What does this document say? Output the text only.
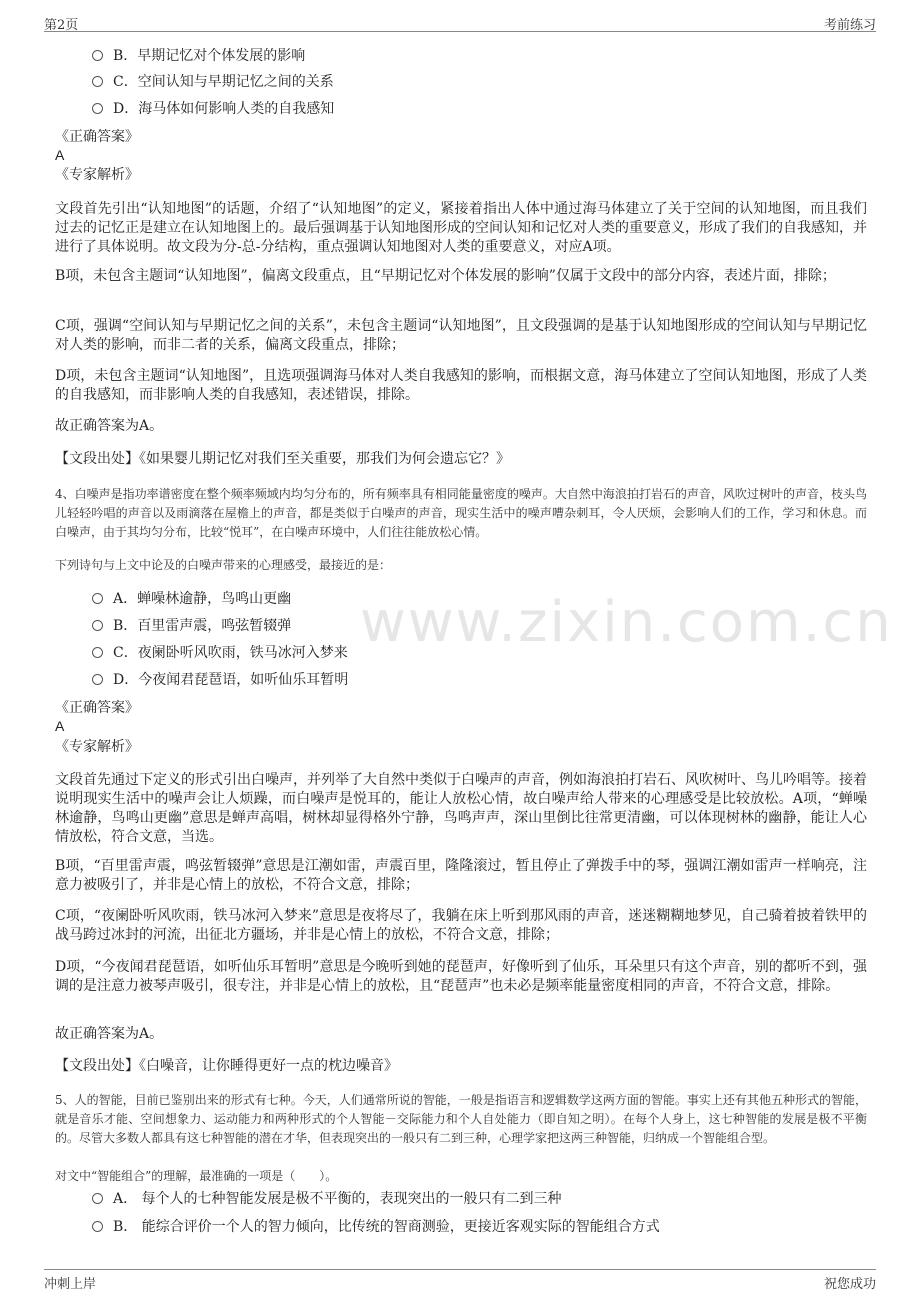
第2页	考前练习
www.zixin.com.cn
B．早期记忆对个体发展的影响
C．空间认知与早期记忆之间的关系
D．海马体如何影响人类的自我感知
《正确答案》
A
《专家解析》
文段首先引出“认知地图”的话题，介绍了“认知地图”的定义，紧接着指出人体中通过海马体建立了关于空间的认知地图，而且我们过去的记忆正是建立在认知地图上的。最后强调基于认知地图形成的空间认知和记忆对人类的重要意义，形成了我们的自我感知，并进行了具体说明。故文段为分-总-分结构，重点强调认知地图对人类的重要意义，对应A项。
B项，未包含主题词“认知地图”，偏离文段重点，且“早期记忆对个体发展的影响”仅属于文段中的部分内容，表述片面，排除；
C项，强调“空间认知与早期记忆之间的关系”，未包含主题词“认知地图”，且文段强调的是基于认知地图形成的空间认知与早期记忆对人类的影响，而非二者的关系，偏离文段重点，排除；
D项，未包含主题词“认知地图”，且选项强调海马体对人类自我感知的影响，而根据文意，海马体建立了空间认知地图，形成了人类的自我感知，而非影响人类的自我感知，表述错误，排除。
故正确答案为A。
【文段出处】《如果婴儿期记忆对我们至关重要，那我们为何会遗忘它？》
4、白噪声是指功率谱密度在整个频率频域内均匀分布的，所有频率具有相同能量密度的噪声。大自然中海浪拍打岩石的声音，风吹过树叶的声音，枝头鸟儿轻轻吟唱的声音以及雨滴落在屋檐上的声音，都是类似于白噪声的声音，现实生活中的噪声嘈杂刺耳，令人厌烦，会影响人们的工作，学习和休息。而白噪声，由于其均匀分布，比较“悦耳”，在白噪声环境中，人们往往能放松心情。
下列诗句与上文中论及的白噪声带来的心理感受，最接近的是：
A．蝉噪林逾静，鸟鸣山更幽
B．百里雷声震，鸣弦暂辍弹
C．夜阑卧听风吹雨，铁马冰河入梦来
D．今夜闻君琵琶语，如听仙乐耳暂明
《正确答案》
A
《专家解析》
文段首先通过下定义的形式引出白噪声，并列举了大自然中类似于白噪声的声音，例如海浪拍打岩石、风吹树叶、鸟儿吟唱等。接着说明现实生活中的噪声会让人烦躁，而白噪声是悦耳的，能让人放松心情，故白噪声给人带来的心理感受是比较放松。A项，“蝉噪林逾静，鸟鸣山更幽”意思是蝉声高唱，树林却显得格外宁静，鸟鸣声声，深山里倒比往常更清幽，可以体现树林的幽静，能让人心情放松，符合文意，当选。
B项，“百里雷声震，鸣弦暂辍弹”意思是江潮如雷，声震百里，隆隆滚过，暂且停止了弹拨手中的琴，强调江潮如雷声一样响亮，注意力被吸引了，并非是心情上的放松，不符合文意，排除；
C项，“夜阑卧听风吹雨，铁马冰河入梦来”意思是夜将尽了，我躺在床上听到那风雨的声音，迷迷糊糊地梦见，自己骑着披着铁甲的战马跨过冰封的河流，出征北方疆场，并非是心情上的放松，不符合文意，排除；
D项，“今夜闻君琵琶语，如听仙乐耳暂明”意思是今晚听到她的琵琶声，好像听到了仙乐，耳朵里只有这个声音，别的都听不到，强调的是注意力被琴声吸引，很专注，并非是心情上的放松，且“琵琶声”也未必是频率能量密度相同的声音，不符合文意，排除。
故正确答案为A。
【文段出处】《白噪音，让你睡得更好一点的枕边噪音》
5、人的智能，目前已鉴别出来的形式有七种。今天，人们通常所说的智能，一般是指语言和逻辑数学这两方面的智能。事实上还有其他五种形式的智能，就是音乐才能、空间想象力、运动能力和两种形式的个人智能－交际能力和个人自处能力（即自知之明）。在每个人身上，这七种智能的发展是极不平衡的。尽管大多数人都具有这七种智能的潜在才华，但表现突出的一般只有二到三种，心理学家把这两三种智能，归纳成一个智能组合型。
对文中“智能组合”的理解，最准确的一项是（　　）。
A． 每个人的七种智能发展是极不平衡的，表现突出的一般只有二到三种
B． 能综合评价一个人的智力倾向，比传统的智商测验，更接近客观实际的智能组合方式
冲刺上岸	祝您成功
